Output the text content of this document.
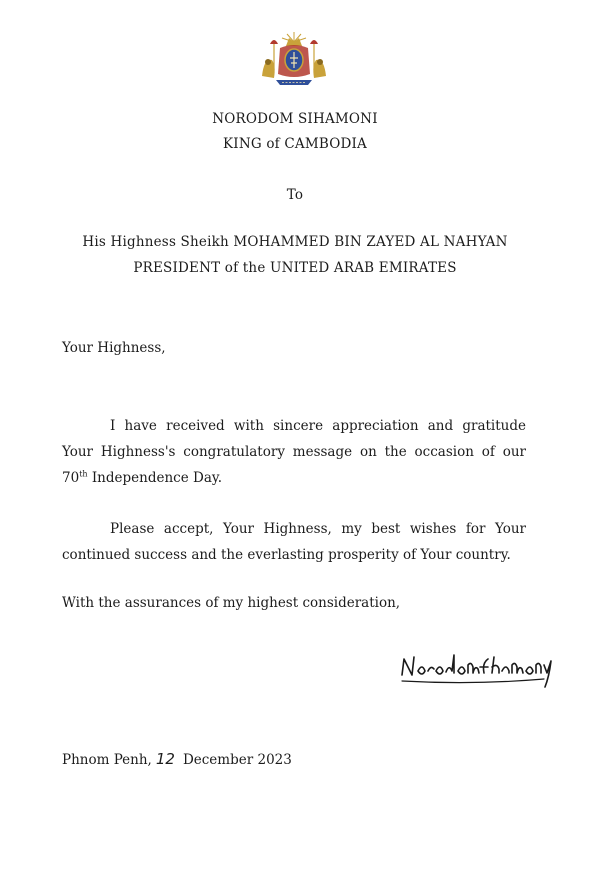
NORODOM SIHAMONI
KING of CAMBODIA
To
His Highness Sheikh MOHAMMED BIN ZAYED AL NAHYAN
PRESIDENT of the UNITED ARAB EMIRATES
Your Highness,
I have received with sincere appreciation and gratitude Your Highness's congratulatory message on the occasion of our 70th Independence Day.
Please accept, Your Highness, my best wishes for Your continued success and the everlasting prosperity of Your country.
With the assurances of my highest consideration,
Phnom Penh, 12 December 2023
